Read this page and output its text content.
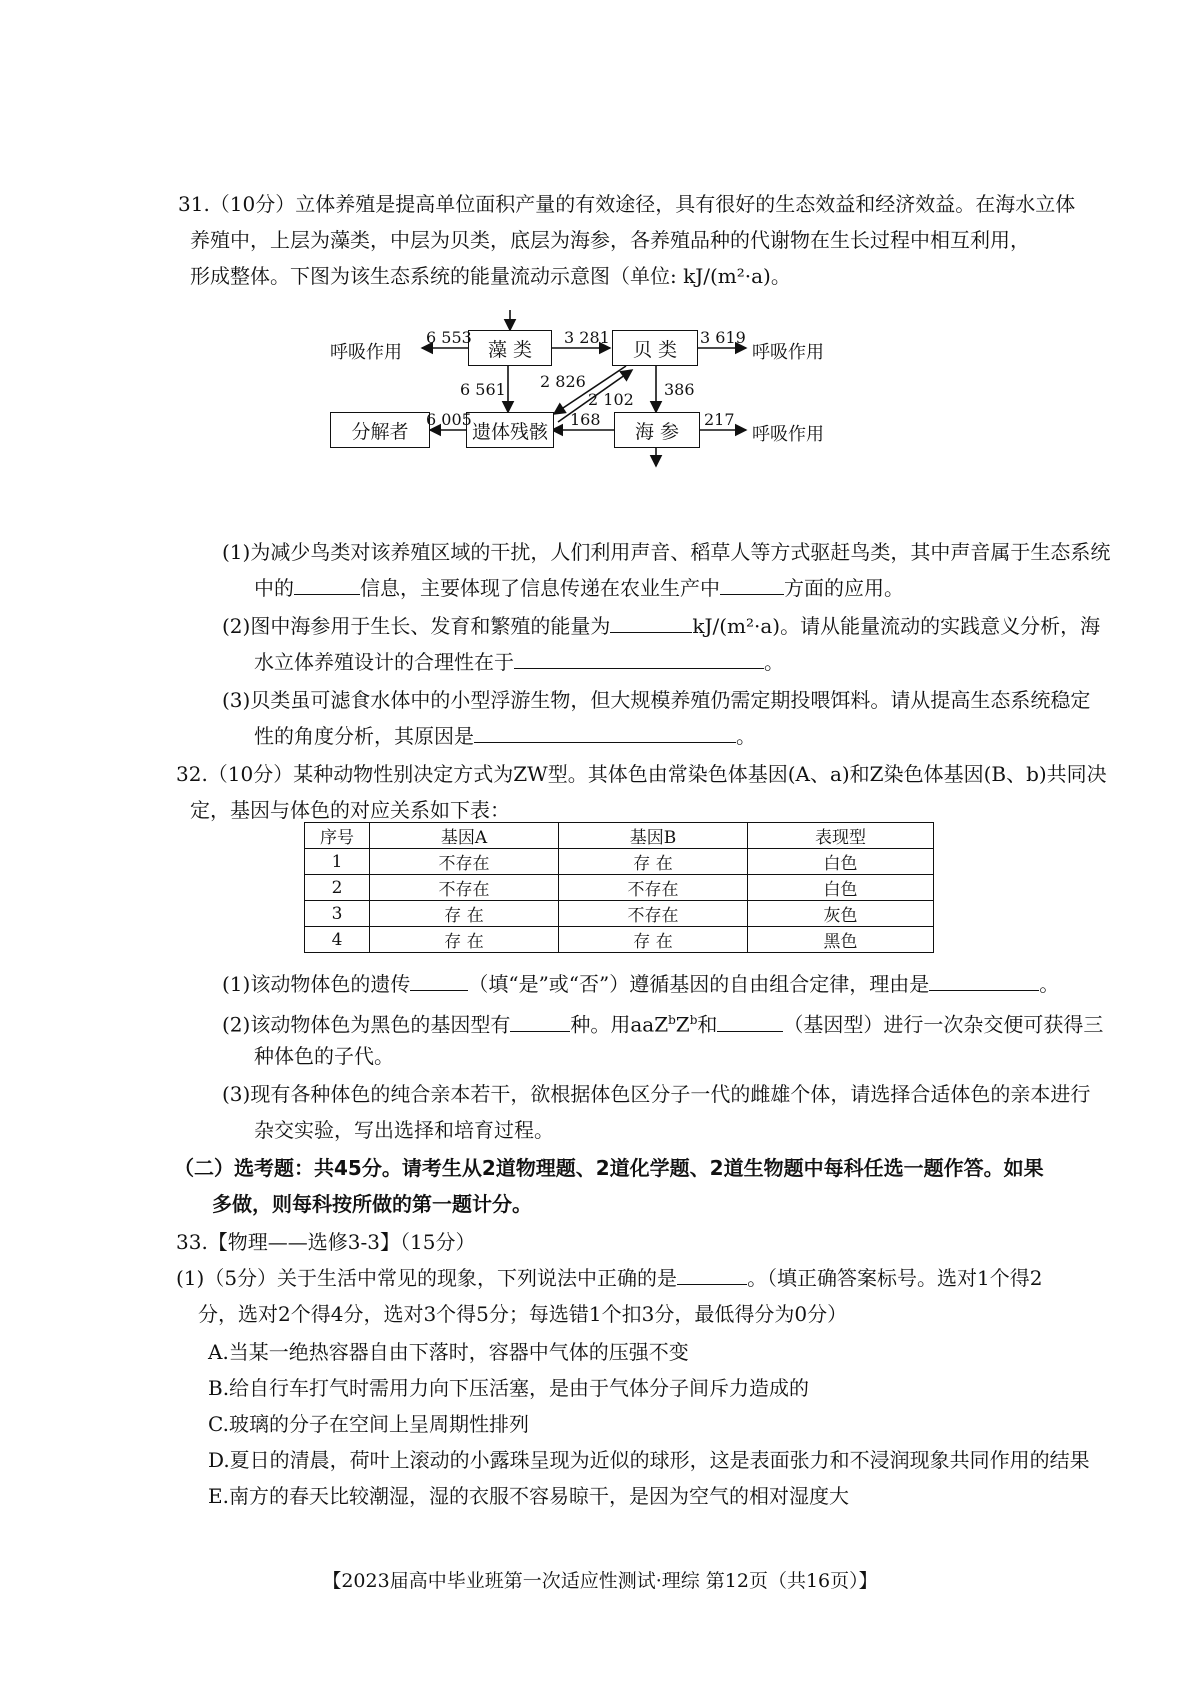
31.（10分）立体养殖是提高单位面积产量的有效途径，具有很好的生态效益和经济效益。在海水立体
养殖中，上层为藻类，中层为贝类，底层为海参，各养殖品种的代谢物在生长过程中相互利用，
形成整体。下图为该生态系统的能量流动示意图（单位: kJ/(m²·a)。
藻 类	贝 类
遗体残骸	海 参
分解者
呼吸作用	呼吸作用
呼吸作用
6 553	3 281	3 619
6 561 2 826
2 102
386
6 005	168	217
(1)为减少鸟类对该养殖区域的干扰，人们利用声音、稻草人等方式驱赶鸟类，其中声音属于生态系统
中的	信息，主要体现了信息传递在农业生产中	方面的应用。
(2)图中海参用于生长、发育和繁殖的能量为	kJ/(m²·a)。请从能量流动的实践意义分析，海
水立体养殖设计的合理性在于	。
(3)贝类虽可滤食水体中的小型浮游生物，但大规模养殖仍需定期投喂饵料。请从提高生态系统稳定
性的角度分析，其原因是	。
32.（10分）某种动物性别决定方式为ZW型。其体色由常染色体基因(A、a)和Z染色体基因(B、b)共同决
定，基因与体色的对应关系如下表：
序号	基因A	基因B	表现型
1	不存在	存 在	白色
2	不存在	不存在	白色
3	存 在	不存在	灰色
4	存 在	存 在	黑色
(1)该动物体色的遗传	（填“是”或“否”）遵循基因的自由组合定律，理由是	。
(2)该动物体色为黑色的基因型有	种。用$aaZ^bZ^b$和	（基因型）进行一次杂交便可获得三
种体色的子代。
(3)现有各种体色的纯合亲本若干，欲根据体色区分子一代的雌雄个体，请选择合适体色的亲本进行
杂交实验，写出选择和培育过程。
（二）选考题：共45分。请考生从2道物理题、2道化学题、2道生物题中每科任选一题作答。如果
多做，则每科按所做的第一题计分。
33.【物理——选修3-3】（15分）
(1)（5分）关于生活中常见的现象，下列说法中正确的是	。（填正确答案标号。选对1个得2
分，选对2个得4分，选对3个得5分；每选错1个扣3分，最低得分为0分）
A.当某一绝热容器自由下落时，容器中气体的压强不变
B.给自行车打气时需用力向下压活塞，是由于气体分子间斥力造成的
C.玻璃的分子在空间上呈周期性排列
D.夏日的清晨，荷叶上滚动的小露珠呈现为近似的球形，这是表面张力和不浸润现象共同作用的结果
E.南方的春天比较潮湿，湿的衣服不容易晾干，是因为空气的相对湿度大
【2023届高中毕业班第一次适应性测试·理综 第12页（共16页）】
